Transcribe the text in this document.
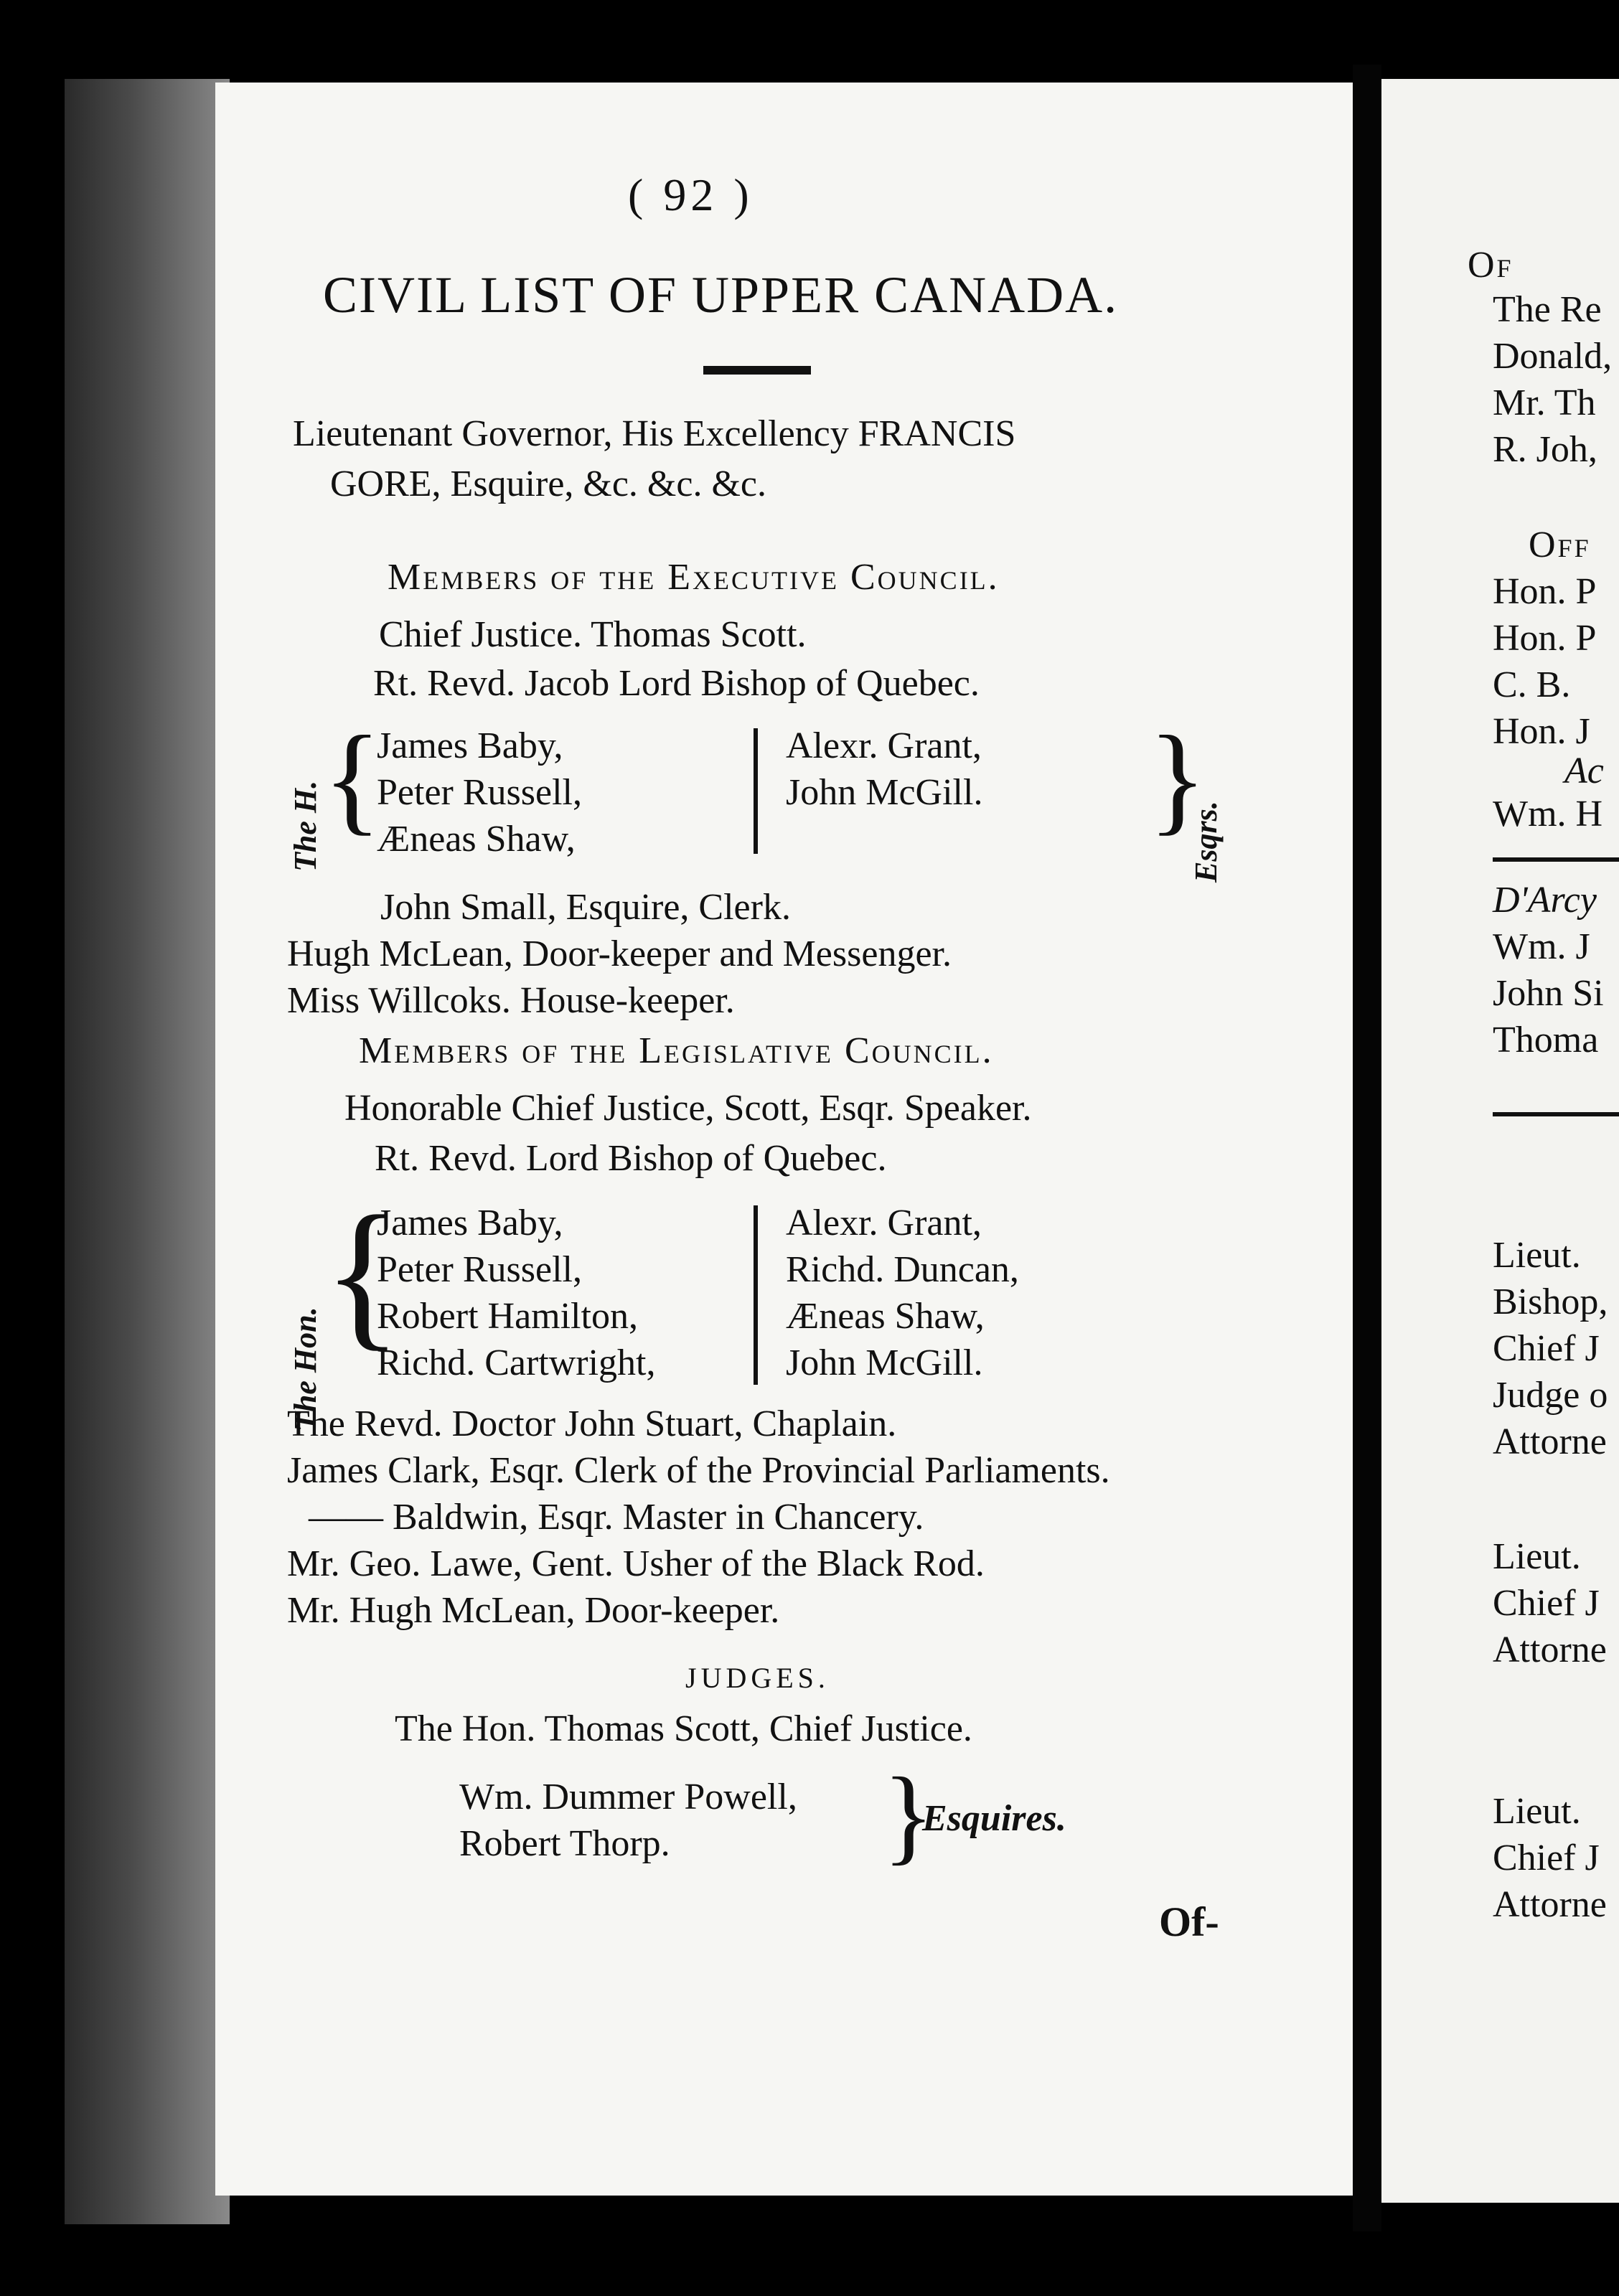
( 92 )
CIVIL LIST OF UPPER CANADA.
Lieutenant Governor, His Excellency FRANCIS
GORE, Esquire, &c. &c. &c.
Members of the Executive Council.
Chief Justice. Thomas Scott.
Rt. Revd. Jacob Lord Bishop of Quebec.
The H. {
James Baby,
Peter Russell,
Æneas Shaw,
Alexr. Grant,
John McGill. }
Esqrs.
John Small, Esquire, Clerk.
Hugh McLean, Door-keeper and Messenger.
Miss Willcoks. House-keeper.
Members of the Legislative Council.
Honorable Chief Justice, Scott, Esqr. Speaker.
Rt. Revd. Lord Bishop of Quebec.
The Hon.
{
James Baby,
Peter Russell,
Robert Hamilton,
Richd. Cartwright,
Alexr. Grant,
Richd. Duncan,
Æneas Shaw,
John McGill.
The Revd. Doctor John Stuart, Chaplain.
James Clark, Esqr. Clerk of the Provincial Parliaments.
—— Baldwin, Esqr. Master in Chancery.
Mr. Geo. Lawe, Gent. Usher of the Black Rod.
Mr. Hugh McLean, Door-keeper.
JUDGES.
The Hon. Thomas Scott, Chief Justice.
Wm. Dummer Powell,
Robert Thorp. }
Esquires.
Of-
Of
The Re
Donald,
Mr. Th
R. Joh,
Off
Hon. P
Hon. P
C. B.
Hon. J
Ac
Wm. H
D'Arcy
Wm. J
John Si
Thoma
Lieut.
Bishop,
Chief J
Judge o
Attorne
Lieut.
Chief J
Attorne
Lieut.
Chief J
Attorne
